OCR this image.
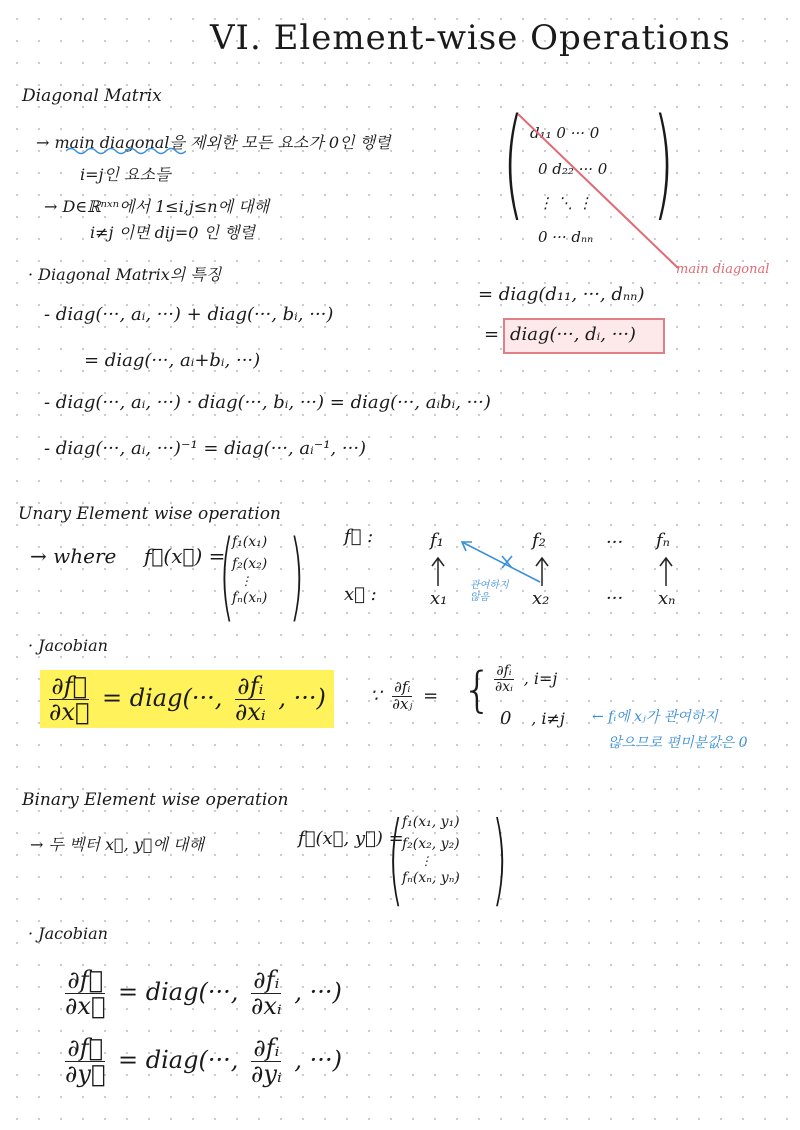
VI. Element-wise Operations
Diagonal Matrix
→ main diagonal을 제외한 모든 요소가 0인 행렬
i=j인 요소들
→ D∈ℝⁿˣⁿ에서 1≤i,j≤n에 대해
i≠j 이면 dij=0 인 행렬 ( )
d₁₁ 0 ··· 0
0 d₂₂ ··· 0
⋮ ⋱ ⋮
0 ··· dₙₙ
main diagonal
= diag(d₁₁, ···, dₙₙ)
= diag(···, dᵢ, ···)
· Diagonal Matrix의 특징
- diag(···, aᵢ, ···) + diag(···, bᵢ, ···)
= diag(···, aᵢ+bᵢ, ···)
- diag(···, aᵢ, ···) · diag(···, bᵢ, ···) = diag(···, aᵢbᵢ, ···)
- diag(···, aᵢ, ···)⁻¹ = diag(···, aᵢ⁻¹, ···)
Unary Element wise operation
→ where f⃗(x⃗) =
( )
f₁(x₁)
f₂(x₂)
⋮
fₙ(xₙ)
f⃗ :
x⃗ :
f₁	f₂	··· fₙ
x₁	x₂	··· xₙ
관여하지 않음
· Jacobian
$\frac{\partial f⃗}{\partial x⃗}$ = diag(···, $\frac{\text{∂fᵢ}}{\text{∂xᵢ}}$ , ···) ∵ $\frac{\text{∂fᵢ}}{\text{∂xⱼ}}$ = { $\frac{\text{∂fᵢ}}{\text{∂xᵢ}}$ , i=j
0 , i≠j ← fᵢ에 xⱼ가 관여하지
않으므로 편미분값은 0
Binary Element wise operation
→ 두 벡터 x⃗, y⃗에 대해	f⃗(x⃗, y⃗) =
( )
f₁(x₁, y₁)
f₂(x₂, y₂)
⋮
fₙ(xₙ, yₙ)
· Jacobian
$\frac{\partial f⃗}{\partial x⃗}$ = diag(···, $\frac{\text{∂fᵢ}}{\text{∂xᵢ}}$ , ···)
$\frac{\partial f⃗}{\partial y⃗}$ = diag(···, $\frac{\text{∂fᵢ}}{\text{∂yᵢ}}$ , ···)
